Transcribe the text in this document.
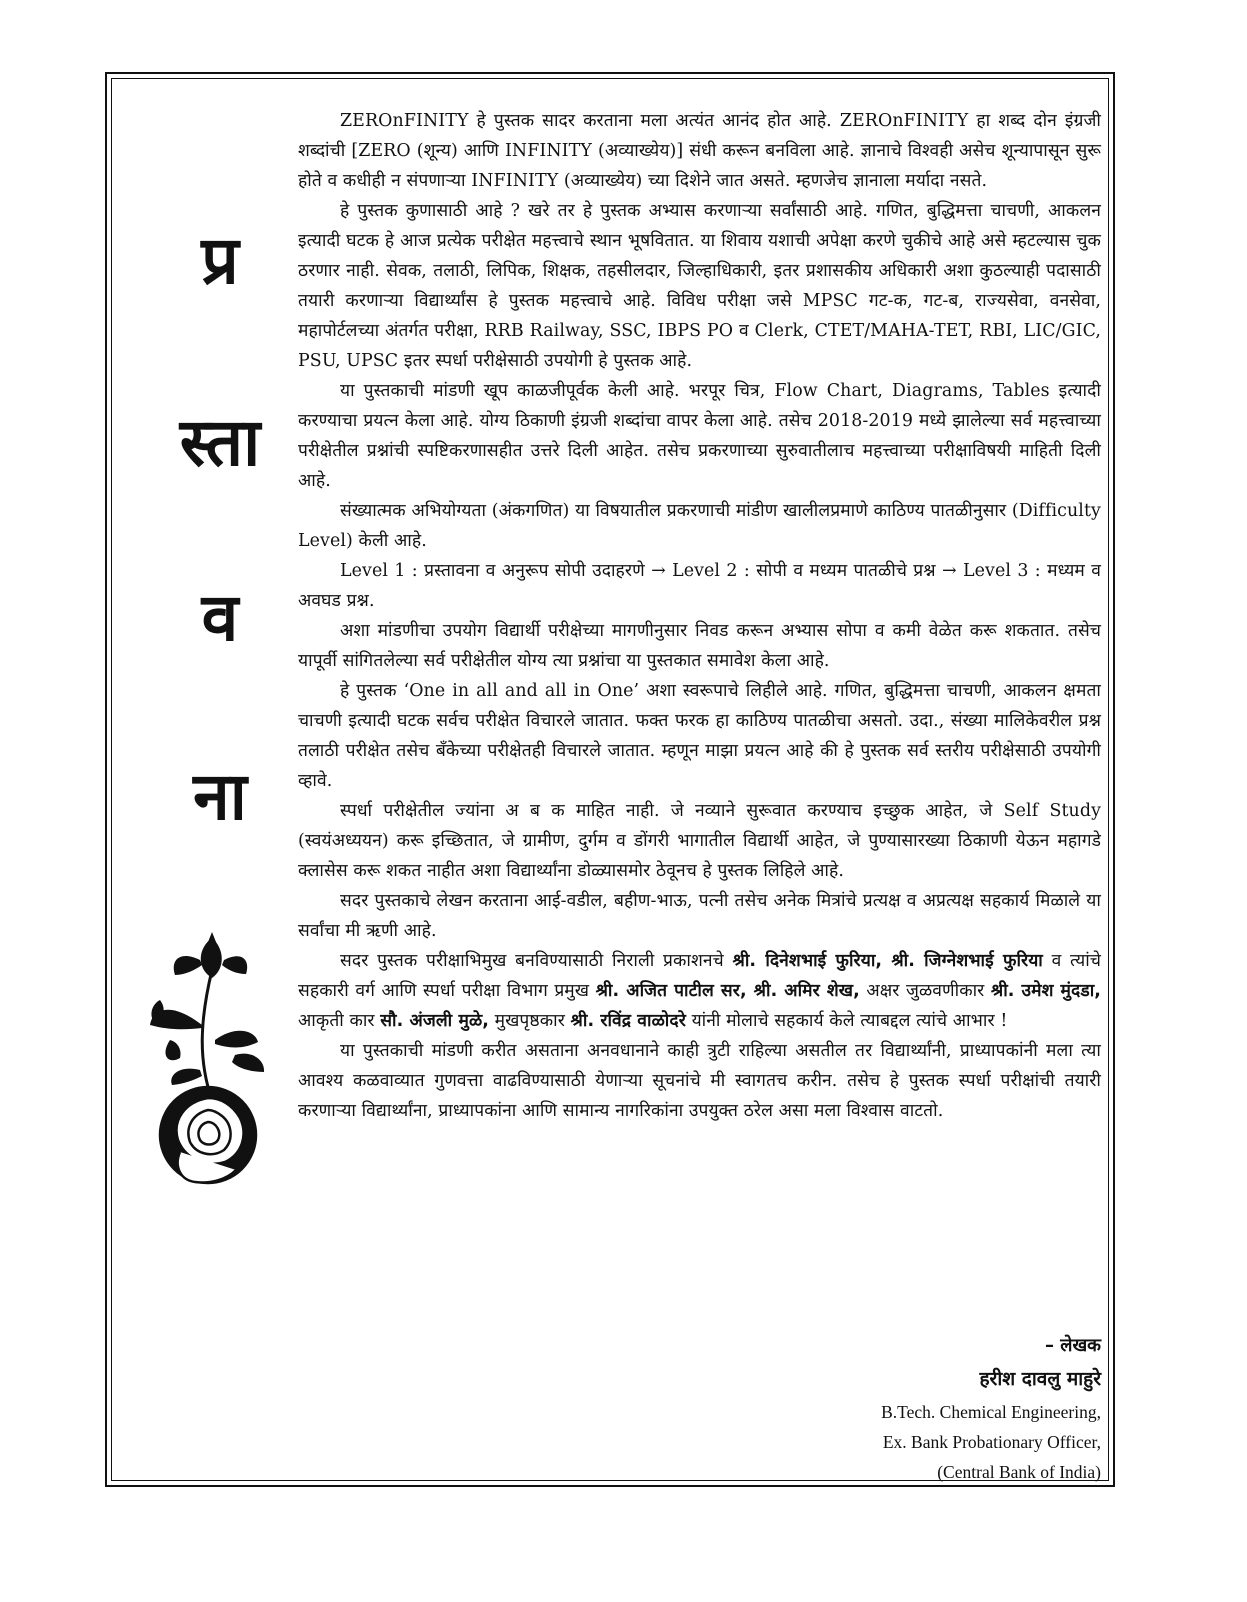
प्र
स्ता
व
ना

ZEROnFINITY हे पुस्तक सादर करताना मला अत्यंत आनंद होत आहे. ZEROnFINITY हा शब्द दोन इंग्रजी शब्दांची [ZERO (शून्य) आणि INFINITY (अव्याख्येय)] संधी करून बनविला आहे. ज्ञानाचे विश्वही असेच शून्यापासून सुरू होते व कधीही न संपणाऱ्या INFINITY (अव्याख्येय) च्या दिशेने जात असते. म्हणजेच ज्ञानाला मर्यादा नसते.

हे पुस्तक कुणासाठी आहे ? खरे तर हे पुस्तक अभ्यास करणाऱ्या सर्वांसाठी आहे. गणित, बुद्धिमत्ता चाचणी, आकलन इत्यादी घटक हे आज प्रत्येक परीक्षेत महत्त्वाचे स्थान भूषवितात. या शिवाय यशाची अपेक्षा करणे चुकीचे आहे असे म्हटल्यास चुक ठरणार नाही. सेवक, तलाठी, लिपिक, शिक्षक, तहसीलदार, जिल्हाधिकारी, इतर प्रशासकीय अधिकारी अशा कुठल्याही पदासाठी तयारी करणाऱ्या विद्यार्थ्यांस हे पुस्तक महत्त्वाचे आहे. विविध परीक्षा जसे MPSC गट-क, गट-ब, राज्यसेवा, वनसेवा, महापोर्टलच्या अंतर्गत परीक्षा, RRB Railway, SSC, IBPS PO व Clerk, CTET/MAHA-TET, RBI, LIC/GIC, PSU, UPSC इतर स्पर्धा परीक्षेसाठी उपयोगी हे पुस्तक आहे.

या पुस्तकाची मांडणी खूप काळजीपूर्वक केली आहे. भरपूर चित्र, Flow Chart, Diagrams, Tables इत्यादी करण्याचा प्रयत्न केला आहे. योग्य ठिकाणी इंग्रजी शब्दांचा वापर केला आहे. तसेच 2018-2019 मध्ये झालेल्या सर्व महत्त्वाच्या परीक्षेतील प्रश्नांची स्पष्टिकरणासहीत उत्तरे दिली आहेत. तसेच प्रकरणाच्या सुरुवातीलाच महत्त्वाच्या परीक्षाविषयी माहिती दिली आहे.

संख्यात्मक अभियोग्यता (अंकगणित) या विषयातील प्रकरणाची मांडीण खालीलप्रमाणे काठिण्य पातळीनुसार (Difficulty Level) केली आहे.

Level 1 : प्रस्तावना व अनुरूप सोपी उदाहरणे → Level 2 : सोपी व मध्यम पातळीचे प्रश्न → Level 3 : मध्यम व अवघड प्रश्न.

अशा मांडणीचा उपयोग विद्यार्थी परीक्षेच्या मागणीनुसार निवड करून अभ्यास सोपा व कमी वेळेत करू शकतात. तसेच यापूर्वी सांगितलेल्या सर्व परीक्षेतील योग्य त्या प्रश्नांचा या पुस्तकात समावेश केला आहे.

हे पुस्तक ‘One in all and all in One’ अशा स्वरूपाचे लिहीले आहे. गणित, बुद्धिमत्ता चाचणी, आकलन क्षमता चाचणी इत्यादी घटक सर्वच परीक्षेत विचारले जातात. फक्त फरक हा काठिण्य पातळीचा असतो. उदा., संख्या मालिकेवरील प्रश्न तलाठी परीक्षेत तसेच बँकेच्या परीक्षेतही विचारले जातात. म्हणून माझा प्रयत्न आहे की हे पुस्तक सर्व स्तरीय परीक्षेसाठी उपयोगी व्हावे.

स्पर्धा परीक्षेतील ज्यांना अ ब क माहित नाही. जे नव्याने सुरूवात करण्याच इच्छुक आहेत, जे Self Study (स्वयंअध्ययन) करू इच्छितात, जे ग्रामीण, दुर्गम व डोंगरी भागातील विद्यार्थी आहेत, जे पुण्यासारख्या ठिकाणी येऊन महागडे क्लासेस करू शकत नाहीत अशा विद्यार्थ्यांना डोळ्यासमोर ठेवूनच हे पुस्तक लिहिले आहे.

सदर पुस्तकाचे लेखन करताना आई-वडील, बहीण-भाऊ, पत्नी तसेच अनेक मित्रांचे प्रत्यक्ष व अप्रत्यक्ष सहकार्य मिळाले या सर्वांचा मी ऋणी आहे.

सदर पुस्तक परीक्षाभिमुख बनविण्यासाठी निराली प्रकाशनचे श्री. दिनेशभाई फुरिया, श्री. जिग्नेशभाई फुरिया व त्यांचे सहकारी वर्ग आणि स्पर्धा परीक्षा विभाग प्रमुख श्री. अजित पाटील सर, श्री. अमिर शेख, अक्षर जुळवणीकार श्री. उमेश मुंदडा, आकृती कार सौ. अंजली मुळे, मुखपृष्ठकार श्री. रविंद्र वाळोदरे यांनी मोलाचे सहकार्य केले त्याबद्दल त्यांचे आभार !

या पुस्तकाची मांडणी करीत असताना अनवधानाने काही त्रुटी राहिल्या असतील तर विद्यार्थ्यांनी, प्राध्यापकांनी मला त्या आवश्य कळवाव्यात गुणवत्ता वाढविण्यासाठी येणाऱ्या सूचनांचे मी स्वागतच करीन. तसेच हे पुस्तक स्पर्धा परीक्षांची तयारी करणाऱ्या विद्यार्थ्यांना, प्राध्यापकांना आणि सामान्य नागरिकांना उपयुक्त ठरेल असा मला विश्वास वाटतो.

– लेखक
हरीश दावलु माहुरे
B.Tech. Chemical Engineering,
Ex. Bank Probationary Officer,
(Central Bank of India)
